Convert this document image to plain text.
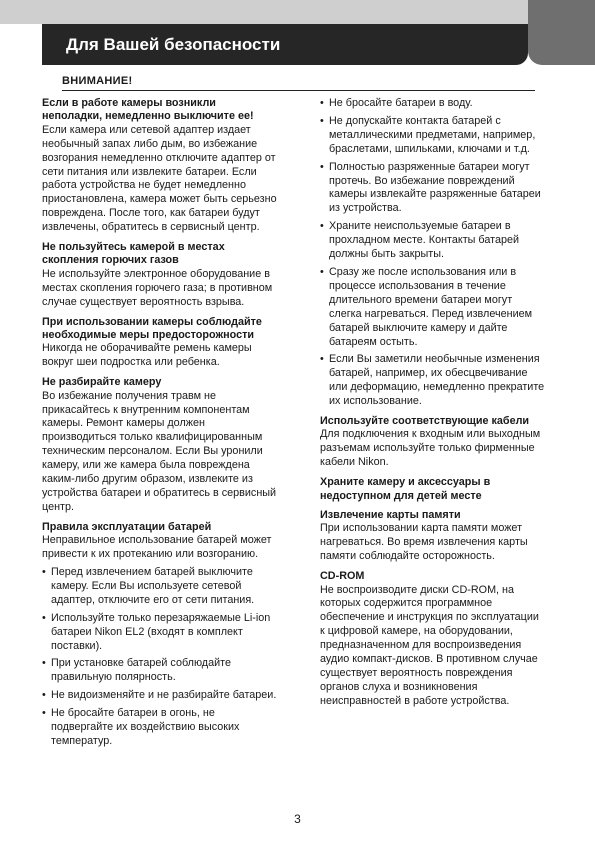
Для Вашей безопасности
ВНИМАНИЕ!
Если в работе камеры возникли неполадки, немедленно выключите ее!

Если камера или сетевой адаптер издает необычный запах либо дым, во избежание возгорания немедленно отключите адаптер от сети питания или извлеките батареи. Если работа устройства не будет немедленно приостановлена, камера может быть серьезно повреждена. После того, как батареи будут извлечены, обратитесь в сервисный центр.

Не пользуйтесь камерой в местах скопления горючих газов

Не используйте электронное оборудование в местах скопления горючего газа; в противном случае существует вероятность взрыва.

При использовании камеры соблюдайте необходимые меры предосторожности

Никогда не оборачивайте ремень камеры вокруг шеи подростка или ребенка.

Не разбирайте камеру

Во избежание получения травм не прикасайтесь к внутренним компонентам камеры. Ремонт камеры должен производиться только квалифицированным техническим персоналом. Если Вы уронили камеру, или же камера была повреждена каким-либо другим образом, извлеките из устройства батареи и обратитесь в сервисный центр.

Правила эксплуатации батарей

Неправильное использование батарей может привести к их протеканию или возгоранию.

• Перед извлечением батарей выключите камеру. Если Вы используете сетевой адаптер, отключите его от сети питания.
• Используйте только перезаряжаемые Li-ion батареи Nikon EL2 (входят в комплект поставки).
• При установке батарей соблюдайте правильную полярность.
• Не видоизменяйте и не разбирайте батареи.
• Не бросайте батареи в огонь, не подвергайте их воздействию высоких температур.
• Не бросайте батареи в воду.
• Не допускайте контакта батарей с металлическими предметами, например, браслетами, шпильками, ключами и т.д.
• Полностью разряженные батареи могут протечь. Во избежание повреждений камеры извлекайте разряженные батареи из устройства.
• Храните неиспользуемые батареи в прохладном месте. Контакты батарей должны быть закрыты.
• Сразу же после использования или в процессе использования в течение длительного времени батареи могут слегка нагреваться. Перед извлечением батарей выключите камеру и дайте батареям остыть.
• Если Вы заметили необычные изменения батарей, например, их обесцвечивание или деформацию, немедленно прекратите их использование.
Используйте соответствующие кабели

Для подключения к входным или выходным разъемам используйте только фирменные кабели Nikon.

Храните камеру и аксессуары в недоступном для детей месте
Извлечение карты памяти

При использовании карта памяти может нагреваться. Во время извлечения карты памяти соблюдайте осторожность.

CD-ROM

Не воспроизводите диски CD-ROM, на которых содержится программное обеспечение и инструкция по эксплуатации к цифровой камере, на оборудовании, предназначенном для воспроизведения аудио компакт-дисков. В противном случае существует вероятность повреждения органов слуха и возникновения неисправностей в работе устройства.

3
